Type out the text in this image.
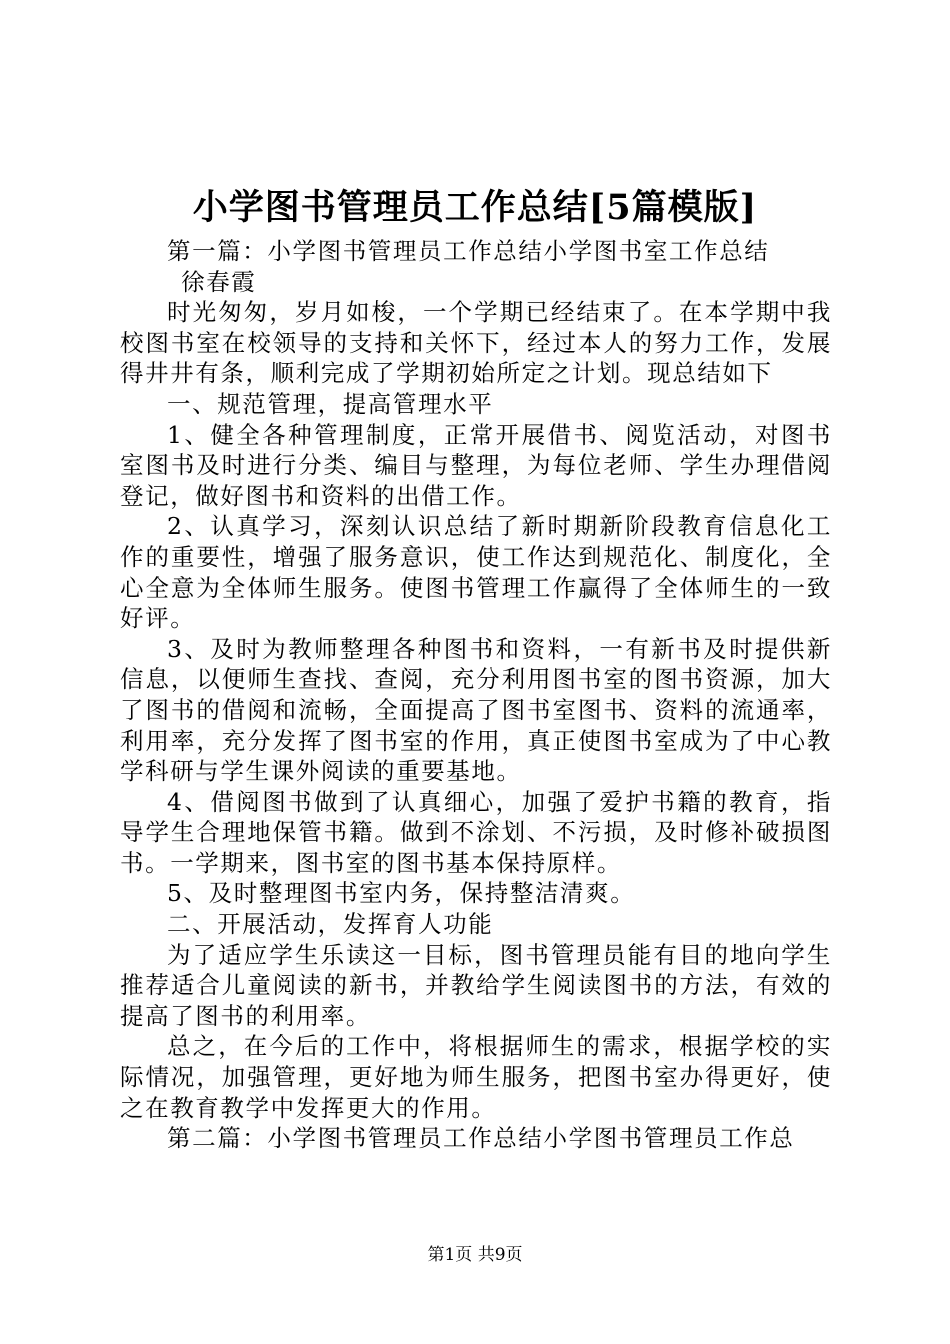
小学图书管理员工作总结[5篇模版]

第一篇：小学图书管理员工作总结小学图书室工作总结

徐春霞

时光匆匆，岁月如梭，一个学期已经结束了。在本学期中我校图书室在校领导的支持和关怀下，经过本人的努力工作，发展得井井有条，顺利完成了学期初始所定之计划。现总结如下

一、规范管理，提高管理水平

1、健全各种管理制度，正常开展借书、阅览活动，对图书室图书及时进行分类、编目与整理，为每位老师、学生办理借阅登记，做好图书和资料的出借工作。

2、认真学习，深刻认识总结了新时期新阶段教育信息化工作的重要性，增强了服务意识，使工作达到规范化、制度化，全心全意为全体师生服务。使图书管理工作赢得了全体师生的一致好评。

3、及时为教师整理各种图书和资料，一有新书及时提供新信息，以便师生查找、查阅，充分利用图书室的图书资源，加大了图书的借阅和流畅，全面提高了图书室图书、资料的流通率，利用率，充分发挥了图书室的作用，真正使图书室成为了中心教学科研与学生课外阅读的重要基地。

4、借阅图书做到了认真细心，加强了爱护书籍的教育，指导学生合理地保管书籍。做到不涂划、不污损，及时修补破损图书。一学期来，图书室的图书基本保持原样。

5、及时整理图书室内务，保持整洁清爽。

二、开展活动，发挥育人功能

为了适应学生乐读这一目标，图书管理员能有目的地向学生推荐适合儿童阅读的新书，并教给学生阅读图书的方法，有效的提高了图书的利用率。

总之，在今后的工作中，将根据师生的需求，根据学校的实际情况，加强管理，更好地为师生服务，把图书室办得更好，使之在教育教学中发挥更大的作用。

第二篇：小学图书管理员工作总结小学图书管理员工作总

第1页 共9页
